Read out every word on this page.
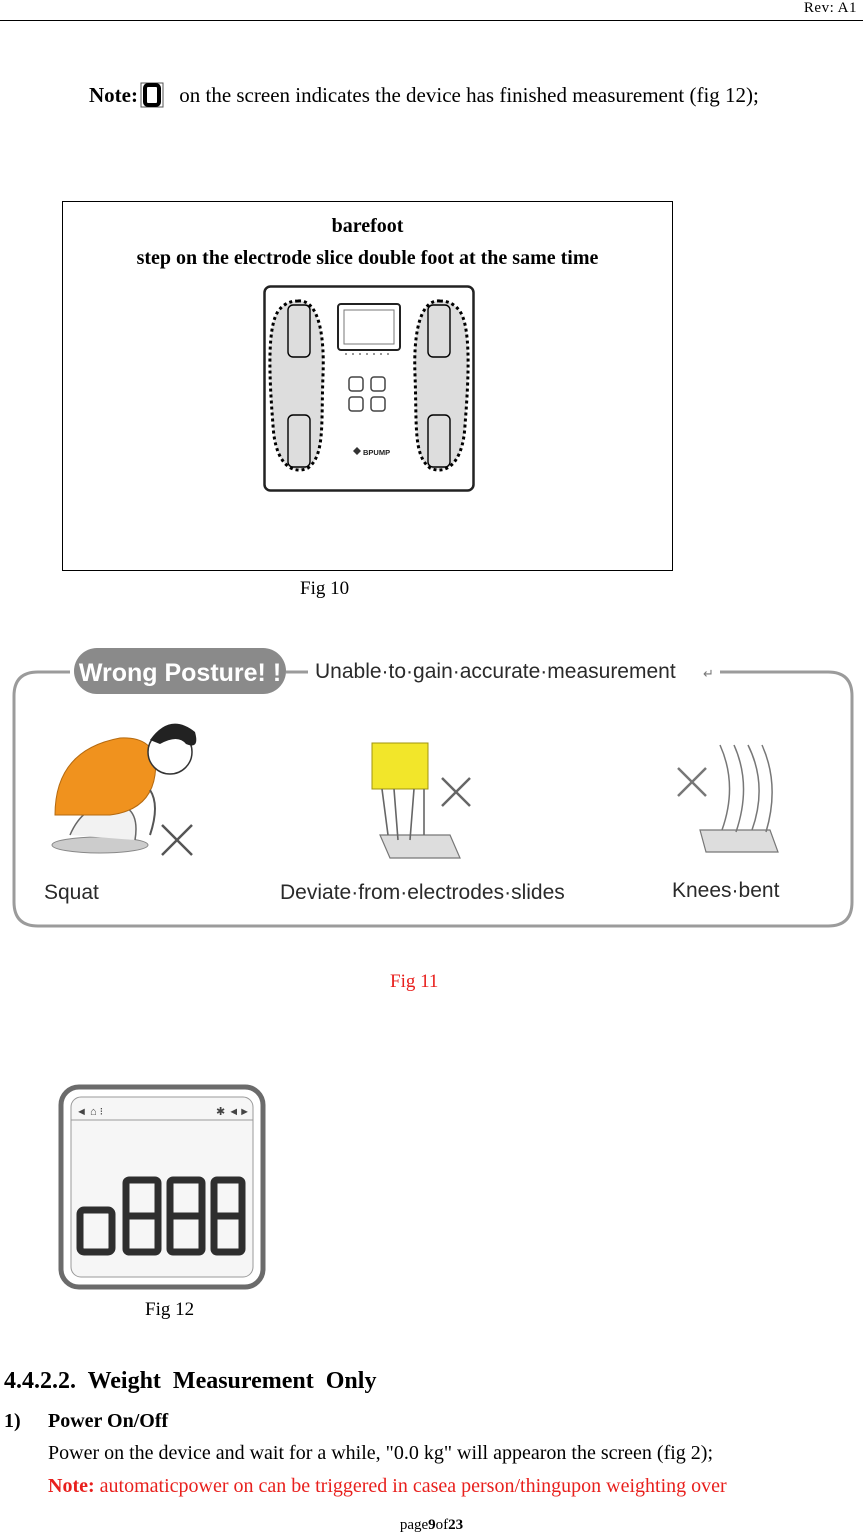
Rev: A1
Note: on the screen indicates the device has finished measurement (fig 12);
barefoot
step on the electrode slice double foot at the same time
BPUMP
Fig 10
Wrong Posture! ! Unable·to·gain·accurate·measurement ↵
Squat	Deviate·from·electrodes·slides	Knees·bent
Fig 11
◄ ⌂ ⁝	✱ ◄►
Fig 12
4.4.2.2. Weight  Measurement  Only
1) Power On/Off
Power on the device and wait for a while, "0.0 kg" will appearon the screen (fig 2);
Note: automaticpower on can be triggered in casea person/thingupon weighting over
page9of23
